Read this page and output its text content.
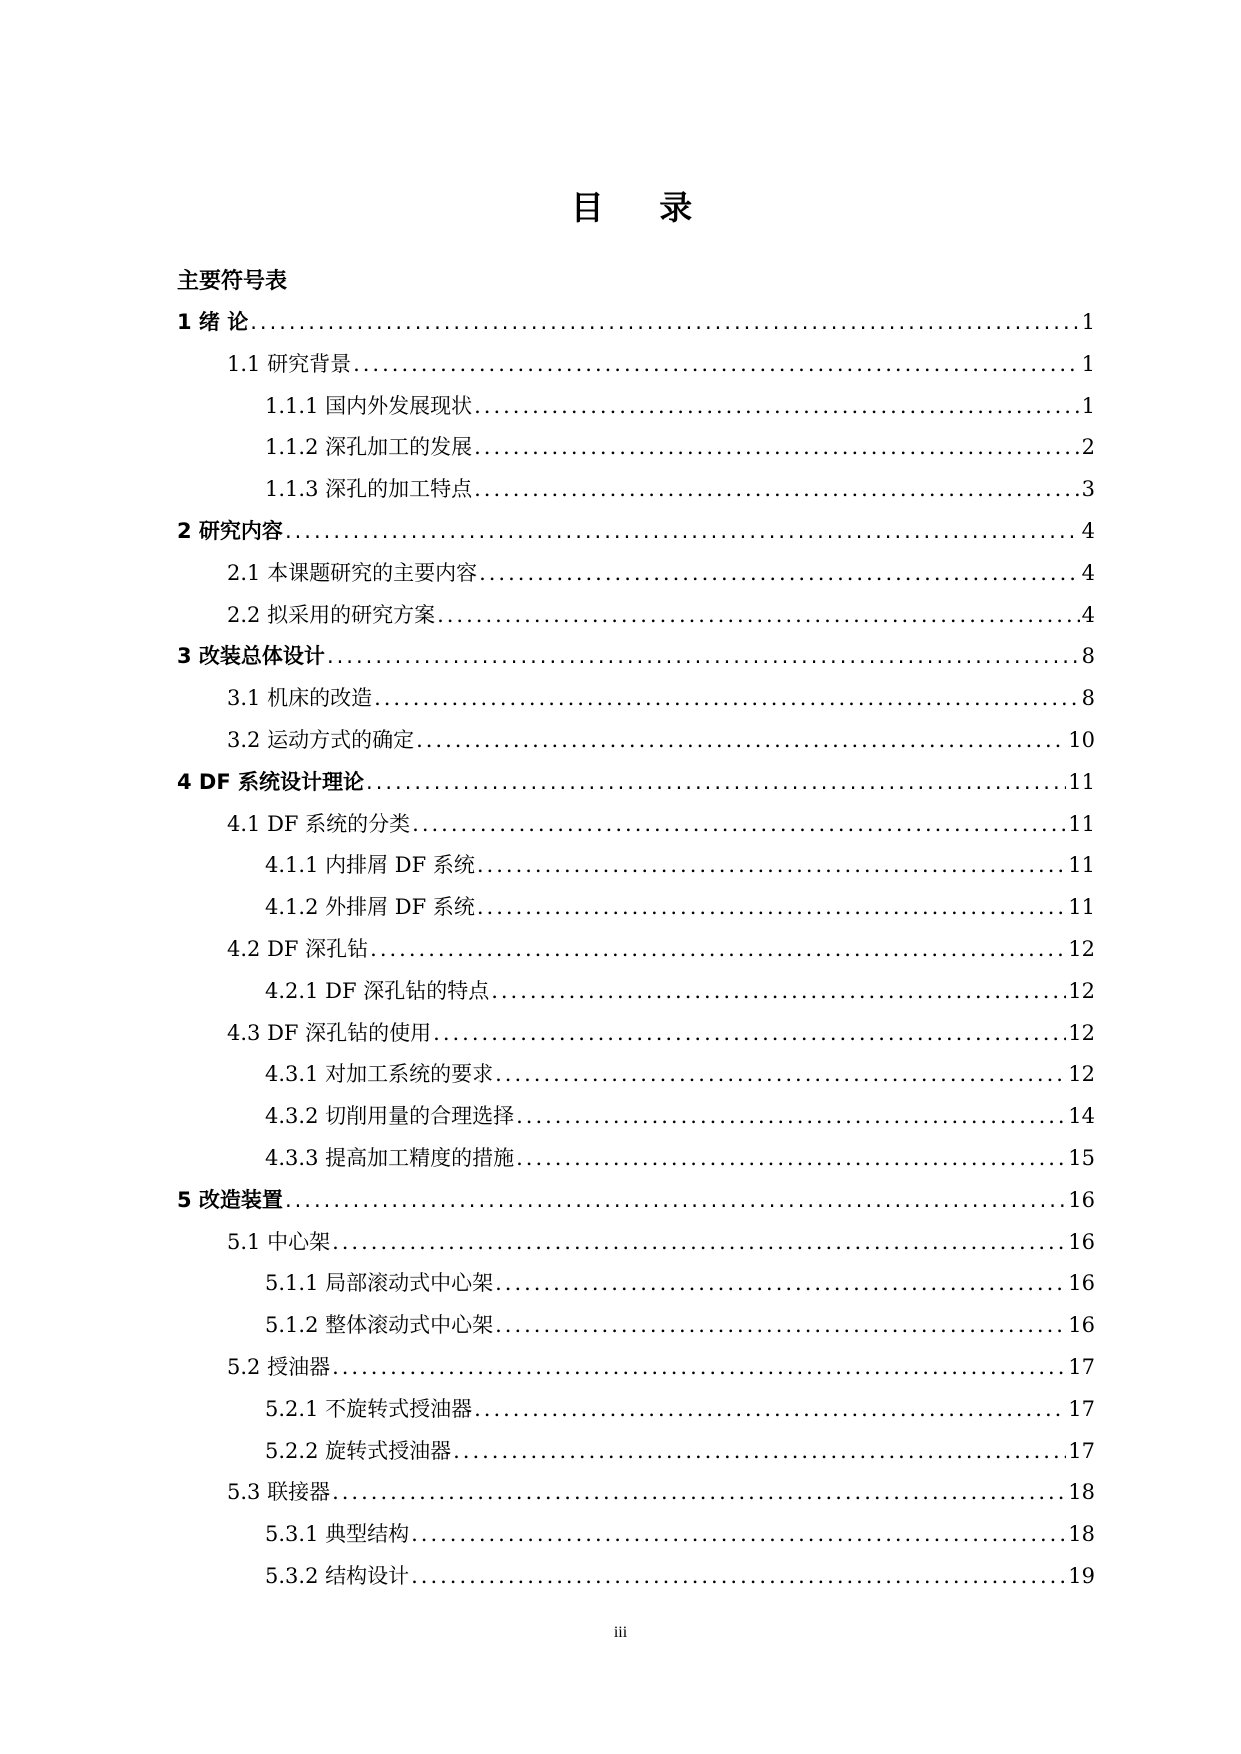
目 录
主要符号表
1 绪 论 .....	1
1.1 研究背景 .....	1
1.1.1 国内外发展现状 .....	1
1.1.2 深孔加工的发展 .....	2
1.1.3 深孔的加工特点 .....	3
2 研究内容 .....	4
2.1 本课题研究的主要内容 .....	4
2.2 拟采用的研究方案 .....	4
3 改装总体设计 .....	8
3.1 机床的改造 .....	8
3.2 运动方式的确定 .....	10
4 DF 系统设计理论 .....	11
4.1 DF 系统的分类 .....	11
4.1.1 内排屑 DF 系统 .....	11
4.1.2 外排屑 DF 系统 .....	11
4.2 DF 深孔钻 .....	12
4.2.1 DF 深孔钻的特点 .....	12
4.3 DF 深孔钻的使用 .....	12
4.3.1 对加工系统的要求 .....	12
4.3.2 切削用量的合理选择 .....	14
4.3.3 提高加工精度的措施 .....	15
5 改造装置 .....	16
5.1 中心架 .....	16
5.1.1 局部滚动式中心架 .....	16
5.1.2 整体滚动式中心架 .....	16
5.2 授油器 .....	17
5.2.1 不旋转式授油器 .....	17
5.2.2 旋转式授油器 .....	17
5.3 联接器 .....	18
5.3.1 典型结构 .....	18
5.3.2 结构设计 .....	19
iii
